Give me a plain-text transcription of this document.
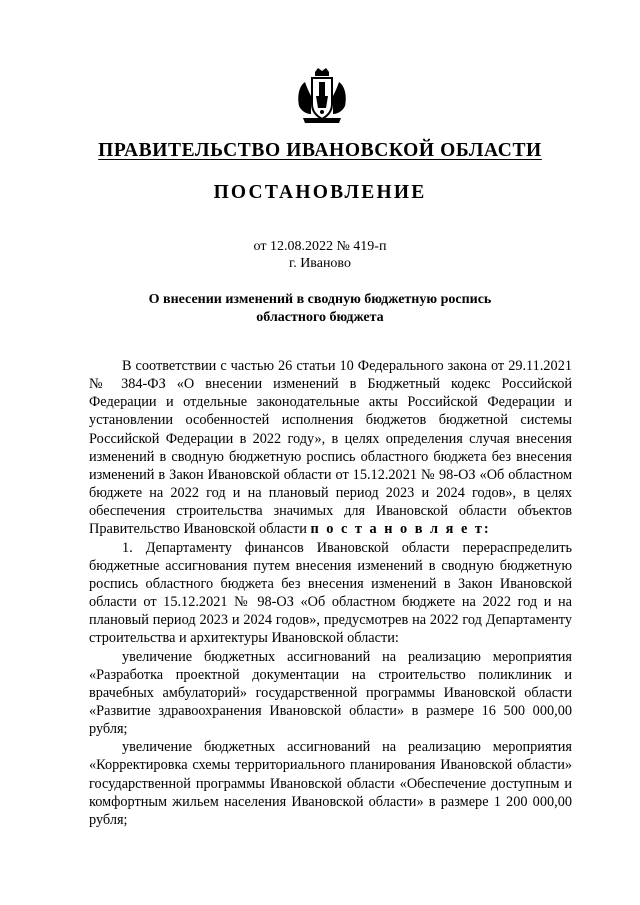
ПРАВИТЕЛЬСТВО ИВАНОВСКОЙ ОБЛАСТИ
ПОСТАНОВЛЕНИЕ
от 12.08.2022 № 419-п
г. Иваново
О внесении изменений в сводную бюджетную роспись
областного бюджета

В соответствии с частью 26 статьи 10 Федерального закона от 29.11.2021 № 384-ФЗ «О внесении изменений в Бюджетный кодекс Российской Федерации и отдельные законодательные акты Российской Федерации и установлении особенностей исполнения бюджетов бюджетной системы Российской Федерации в 2022 году», в целях определения случая внесения изменений в сводную бюджетную роспись областного бюджета без внесения изменений в Закон Ивановской области от 15.12.2021 № 98-ОЗ «Об областном бюджете на 2022 год и на плановый период 2023 и 2024 годов», в целях обеспечения строительства значимых для Ивановской области объектов Правительство Ивановской области п о с т а н о в л я е т:

1. Департаменту финансов Ивановской области перераспределить бюджетные ассигнования путем внесения изменений в сводную бюджетную роспись областного бюджета без внесения изменений в Закон Ивановской области от 15.12.2021 № 98-ОЗ «Об областном бюджете на 2022 год и на плановый период 2023 и 2024 годов», предусмотрев на 2022 год Департаменту строительства и архитектуры Ивановской области:

увеличение бюджетных ассигнований на реализацию мероприятия «Разработка проектной документации на строительство поликлиник и врачебных амбулаторий» государственной программы Ивановской области «Развитие здравоохранения Ивановской области» в размере 16 500 000,00 рубля;

увеличение бюджетных ассигнований на реализацию мероприятия «Корректировка схемы территориального планирования Ивановской области» государственной программы Ивановской области «Обеспечение доступным и комфортным жильем населения Ивановской области» в размере 1 200 000,00 рубля;
